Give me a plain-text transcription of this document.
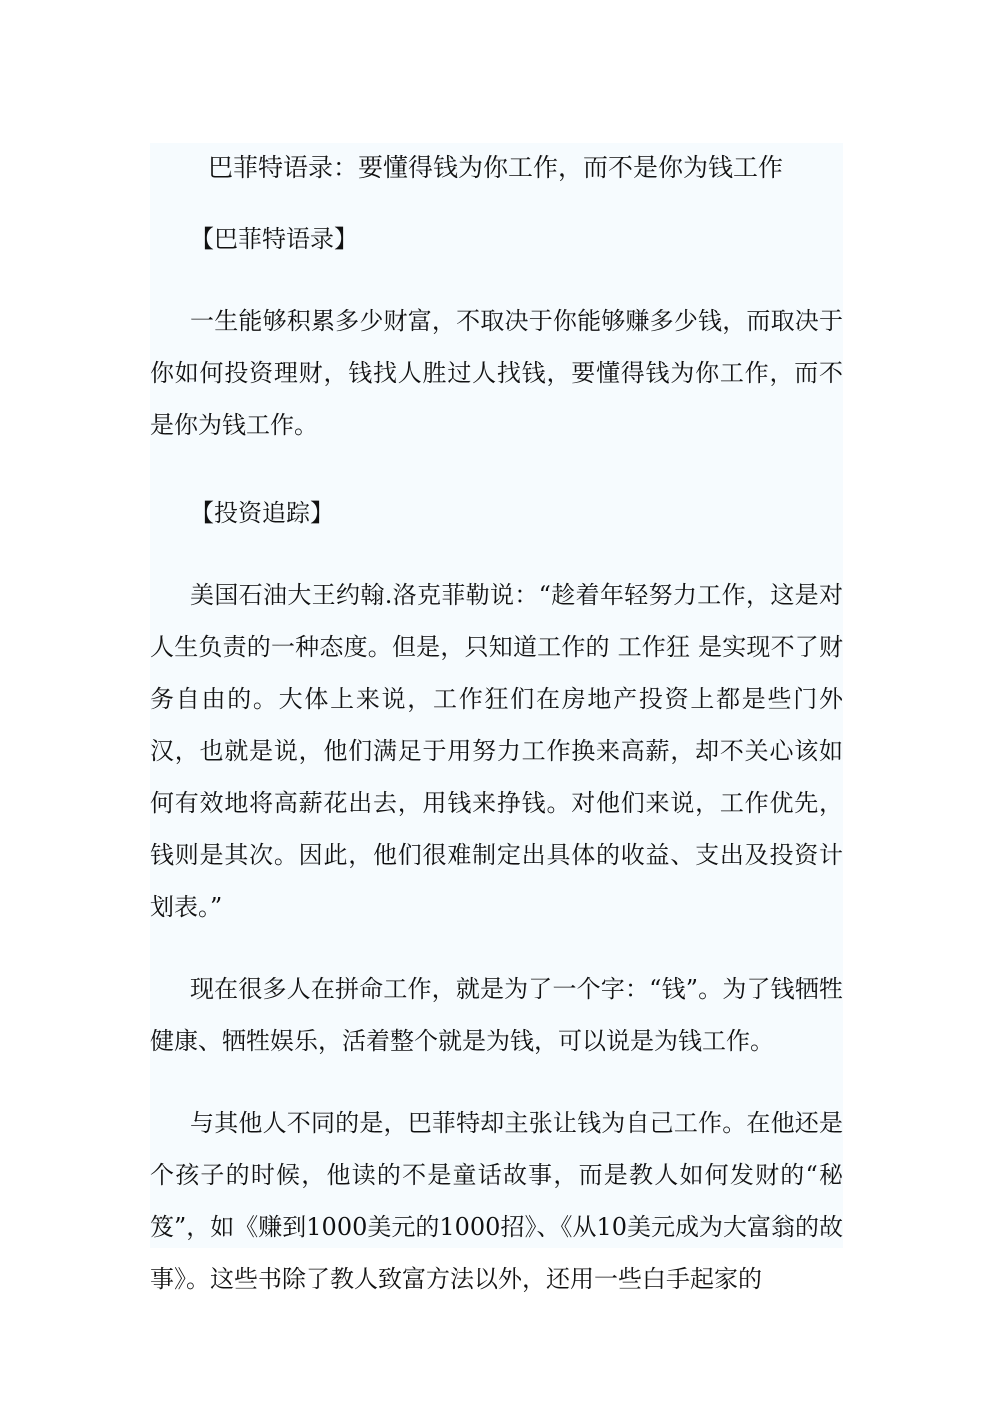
巴菲特语录：要懂得钱为你工作，而不是你为钱工作
【巴菲特语录】

一生能够积累多少财富，不取决于你能够赚多少钱，而取决于你如何投资理财，钱找人胜过人找钱，要懂得钱为你工作，而不是你为钱工作。

【投资追踪】

美国石油大王约翰.洛克菲勒说：“趁着年轻努力工作，这是对人生负责的一种态度。但是，只知道工作的 工作狂 是实现不了财务自由的。大体上来说，工作狂们在房地产投资上都是些门外汉，也就是说，他们满足于用努力工作换来高薪，却不关心该如何有效地将高薪花出去，用钱来挣钱。对他们来说，工作优先，钱则是其次。因此，他们很难制定出具体的收益、支出及投资计划表。”

现在很多人在拼命工作，就是为了一个字：“钱”。为了钱牺牲健康、牺牲娱乐，活着整个就是为钱，可以说是为钱工作。

与其他人不同的是，巴菲特却主张让钱为自己工作。在他还是个孩子的时候，他读的不是童话故事，而是教人如何发财的“秘笈”，如《赚到1000美元的1000招》、《从10美元成为大富翁的故事》。这些书除了教人致富方法以外，还用一些白手起家的
